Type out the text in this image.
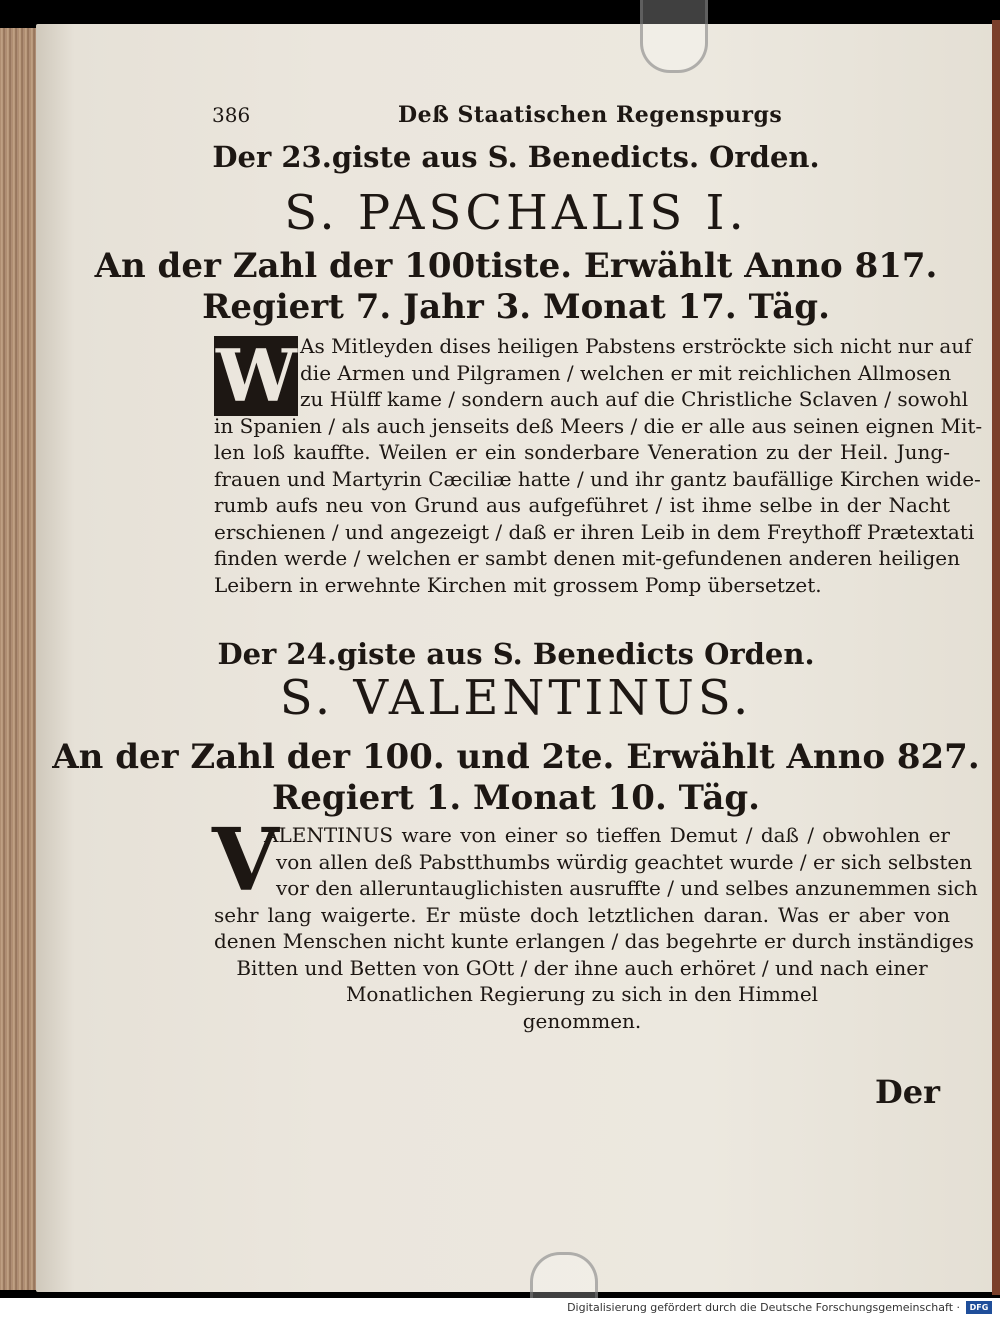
386	Deß Staatischen Regenspurgs
Der 23.giste aus S. Benedicts. Orden.
S. PASCHALIS I.
An der Zahl der 100tiste. Erwählt Anno 817.
Regiert 7. Jahr 3. Monat 17. Täg.
W As Mitleyden dises heiligen Pabstens erströckte sich nicht nur auf
die Armen und Pilgramen / welchen er mit reichlichen Allmosen
zu Hülff kame / sondern auch auf die Christliche Sclaven / sowohl
in Spanien / als auch jenseits deß Meers / die er alle aus seinen eignen Mit-
len loß kauffte. Weilen er ein sonderbare Veneration zu der Heil. Jung-
frauen und Martyrin Cæciliæ hatte / und ihr gantz baufällige Kirchen wide-
rumb aufs neu von Grund aus aufgeführet / ist ihme selbe in der Nacht
erschienen / und angezeigt / daß er ihren Leib in dem Freythoff Prætextati
finden werde / welchen er sambt denen mit-gefundenen anderen heiligen
Leibern in erwehnte Kirchen mit grossem Pomp übersetzet.
Der 24.giste aus S. Benedicts Orden.
S. VALENTINUS.
An der Zahl der 100. und 2te. Erwählt Anno 827.
Regiert 1. Monat 10. Täg.
V
ALENTINUS ware von einer so tieffen Demut / daß / obwohlen er
von allen deß Pabstthumbs würdig geachtet wurde / er sich selbsten
vor den alleruntauglichisten ausruffte / und selbes anzunemmen sich
sehr lang waigerte. Er müste doch letztlichen daran. Was er aber von
denen Menschen nicht kunte erlangen / das begehrte er durch inständiges
Bitten und Betten von GOtt / der ihne auch erhöret / und nach einer
Monatlichen Regierung zu sich in den Himmel
genommen.
Der
Digitalisierung gefördert durch die Deutsche Forschungsgemeinschaft ·	DFG
